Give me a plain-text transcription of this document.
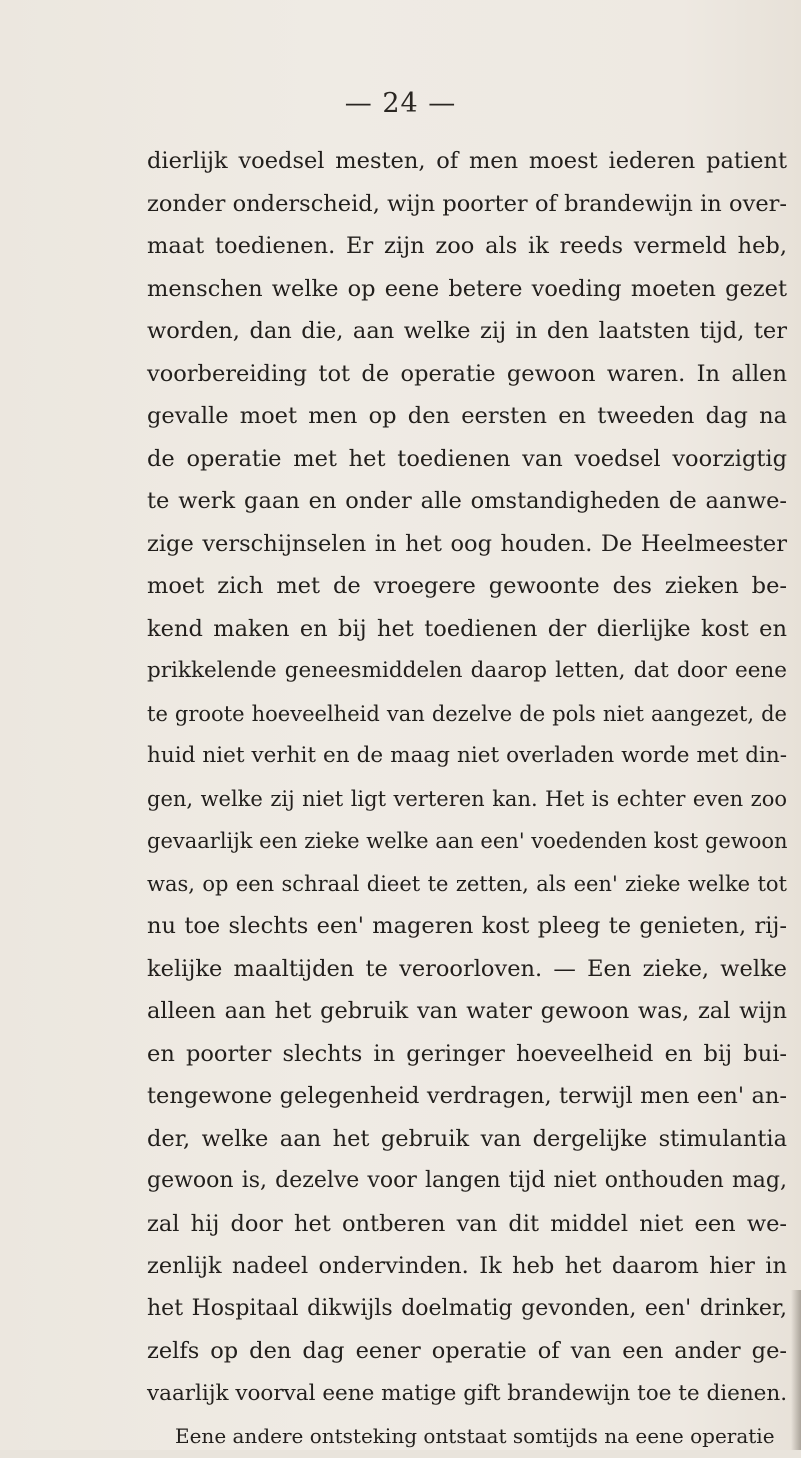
— 24 —
dierlijk voedsel mesten, of men moest iederen patient
zonder onderscheid, wijn poorter of brandewijn in over-
maat toedienen. Er zijn zoo als ik reeds vermeld heb,
menschen welke op eene betere voeding moeten gezet
worden, dan die, aan welke zij in den laatsten tijd, ter
voorbereiding tot de operatie gewoon waren. In allen
gevalle moet men op den eersten en tweeden dag na
de operatie met het toedienen van voedsel voorzigtig
te werk gaan en onder alle omstandigheden de aanwe-
zige verschijnselen in het oog houden. De Heelmeester
moet zich met de vroegere gewoonte des zieken be-
kend maken en bij het toedienen der dierlijke kost en
prikkelende geneesmiddelen daarop letten, dat door eene
te groote hoeveelheid van dezelve de pols niet aangezet, de
huid niet verhit en de maag niet overladen worde met din-
gen, welke zij niet ligt verteren kan. Het is echter even zoo
gevaarlijk een zieke welke aan een' voedenden kost gewoon
was, op een schraal dieet te zetten, als een' zieke welke tot
nu toe slechts een' mageren kost pleeg te genieten, rij-
kelijke maaltijden te veroorloven. — Een zieke, welke
alleen aan het gebruik van water gewoon was, zal wijn
en poorter slechts in geringer hoeveelheid en bij bui-
tengewone gelegenheid verdragen, terwijl men een' an-
der, welke aan het gebruik van dergelijke stimulantia
gewoon is, dezelve voor langen tijd niet onthouden mag,
zal hij door het ontberen van dit middel niet een we-
zenlijk nadeel ondervinden. Ik heb het daarom hier in
het Hospitaal dikwijls doelmatig gevonden, een' drinker,
zelfs op den dag eener operatie of van een ander ge-
vaarlijk voorval eene matige gift brandewijn toe te dienen.
Eene andere ontsteking ontstaat somtijds na eene operatie
